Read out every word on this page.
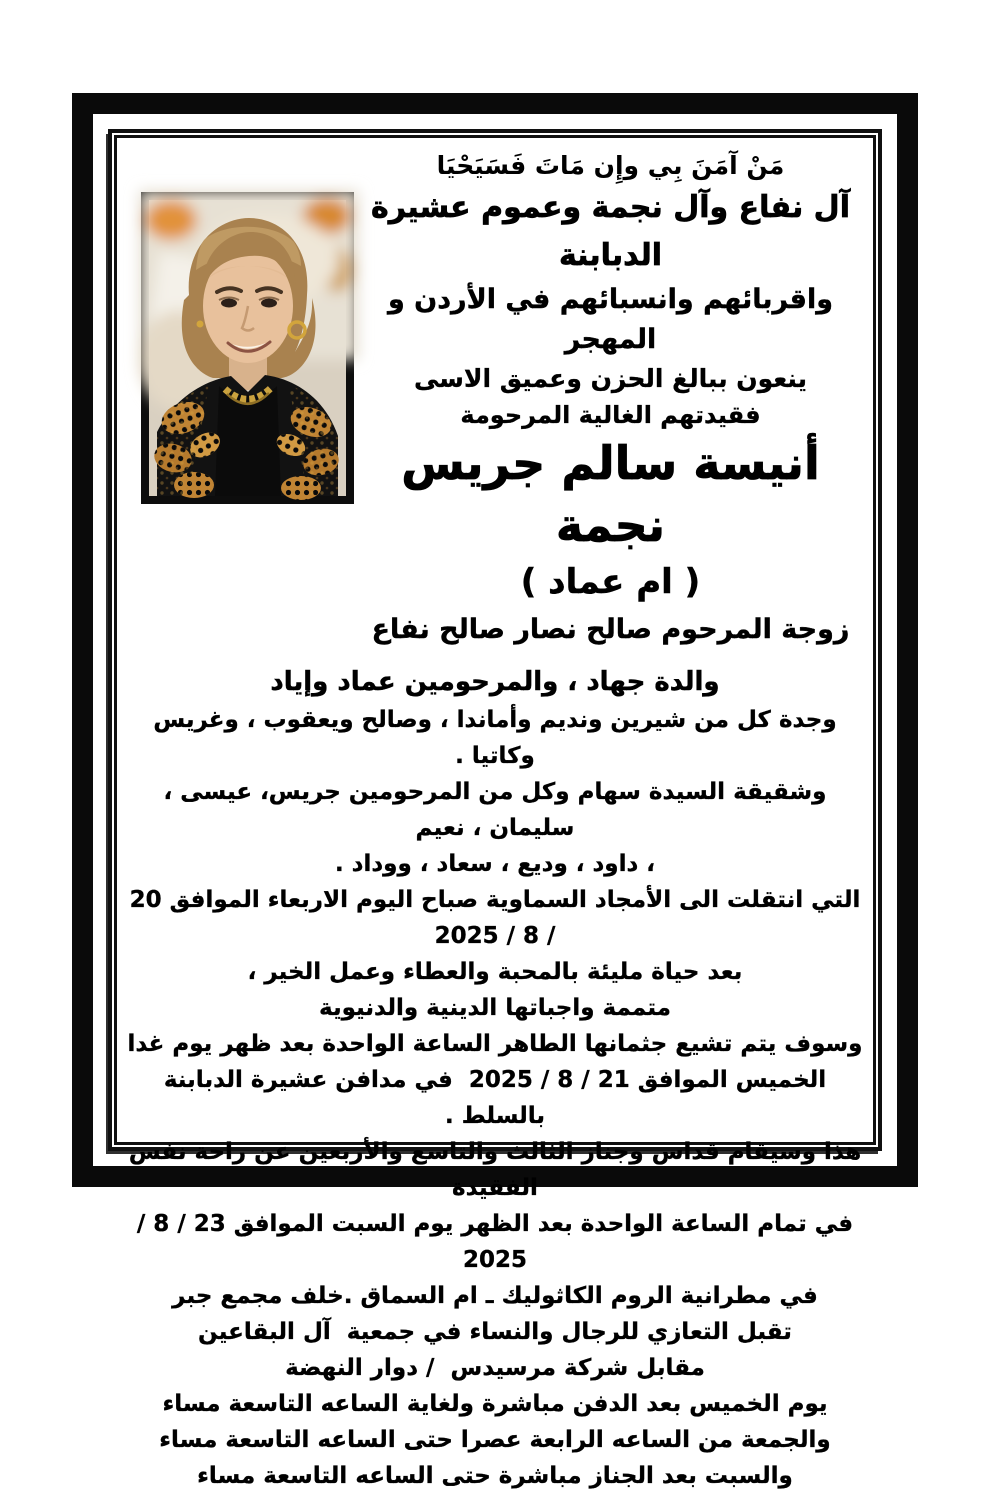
مَنْ آمَنَ بِي وإِن مَاتَ فَسَيَحْيَا
آل نفاع وآل نجمة وعموم عشيرة الدبابنة
واقربائهم وانسبائهم في الأردن و المهجر
ينعون ببالغ الحزن وعميق الاسى
فقيدتهم الغالية المرحومة
أنيسة سالم جريس نجمة
( ام عماد )
زوجة المرحوم صالح نصار صالح نفاع
والدة جهاد ، والمرحومين عماد وإياد
وجدة كل من شيرين ونديم وأماندا ، وصالح ويعقوب ، وغريس وكاتيا .
وشقيقة السيدة سهام وكل من المرحومين جريس، عيسى ، سليمان ، نعيم
، داود ، وديع ، سعاد ، ووداد .
التي انتقلت الى الأمجاد السماوية صباح اليوم الاربعاء الموافق 20 / 8 / 2025
بعد حياة مليئة بالمحبة والعطاء وعمل الخير ،
متممة واجباتها الدينية والدنيوية
وسوف يتم تشيع جثمانها الطاهر الساعة الواحدة بعد ظهر يوم غدا
الخميس الموافق 21 / 8 / 2025  في مدافن عشيرة الدبابنة بالسلط .
هذا وسيقام قداس وجناز الثالث والتاسع والأربعين عن راحة نفس الفقيدة
في تمام الساعة الواحدة بعد الظهر يوم السبت الموافق 23 / 8 / 2025
في مطرانية الروم الكاثوليك ـ ام السماق .خلف مجمع جبر
تقبل التعازي للرجال والنساء في جمعية  آل البقاعين
مقابل شركة مرسيدس  / دوار النهضة
يوم الخميس بعد الدفن مباشرة ولغاية الساعه التاسعة مساء
والجمعة من الساعه الرابعة عصرا حتى الساعه التاسعة مساء
والسبت بعد الجناز مباشرة حتى الساعه التاسعة مساء
